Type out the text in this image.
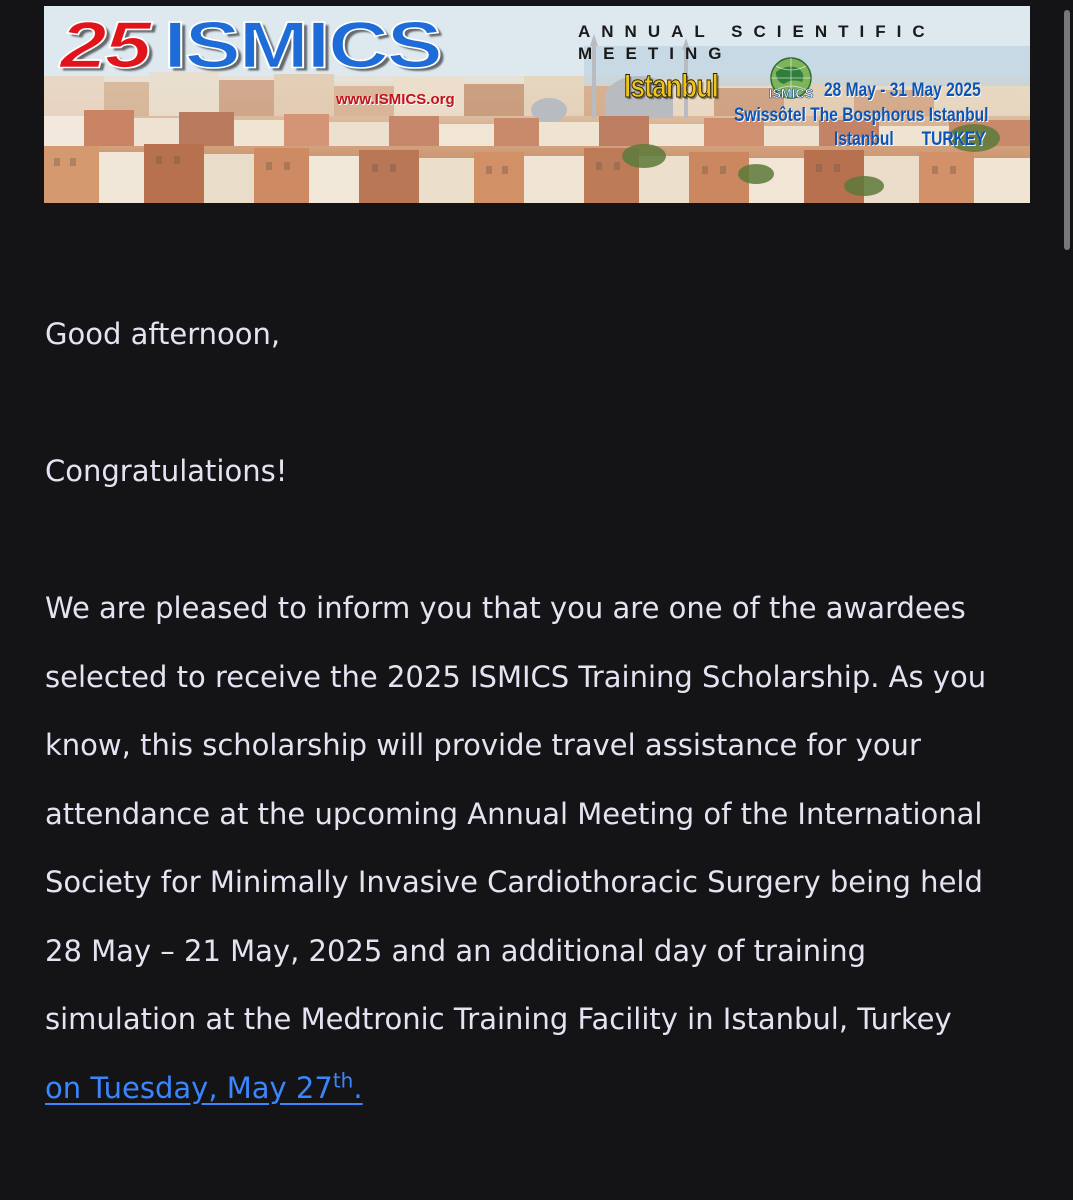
25 ISMICS
www.ISMICS.org
ANNUAL SCIENTIFIC
MEETING
Istanbul	ISMICS 28 May - 31 May 2025
Swissôtel The Bosphorus Istanbul
Istanbul TURKEY

Good afternoon,

Congratulations!

We are pleased to inform you that you are one of the awardees selected to receive the 2025 ISMICS Training Scholarship. As you know, this scholarship will provide travel assistance for your attendance at the upcoming Annual Meeting of the International Society for Minimally Invasive Cardiothoracic Surgery being held 28 May – 21 May, 2025 and an additional day of training simulation at the Medtronic Training Facility in Istanbul, Turkey on Tuesday, May 27th.
